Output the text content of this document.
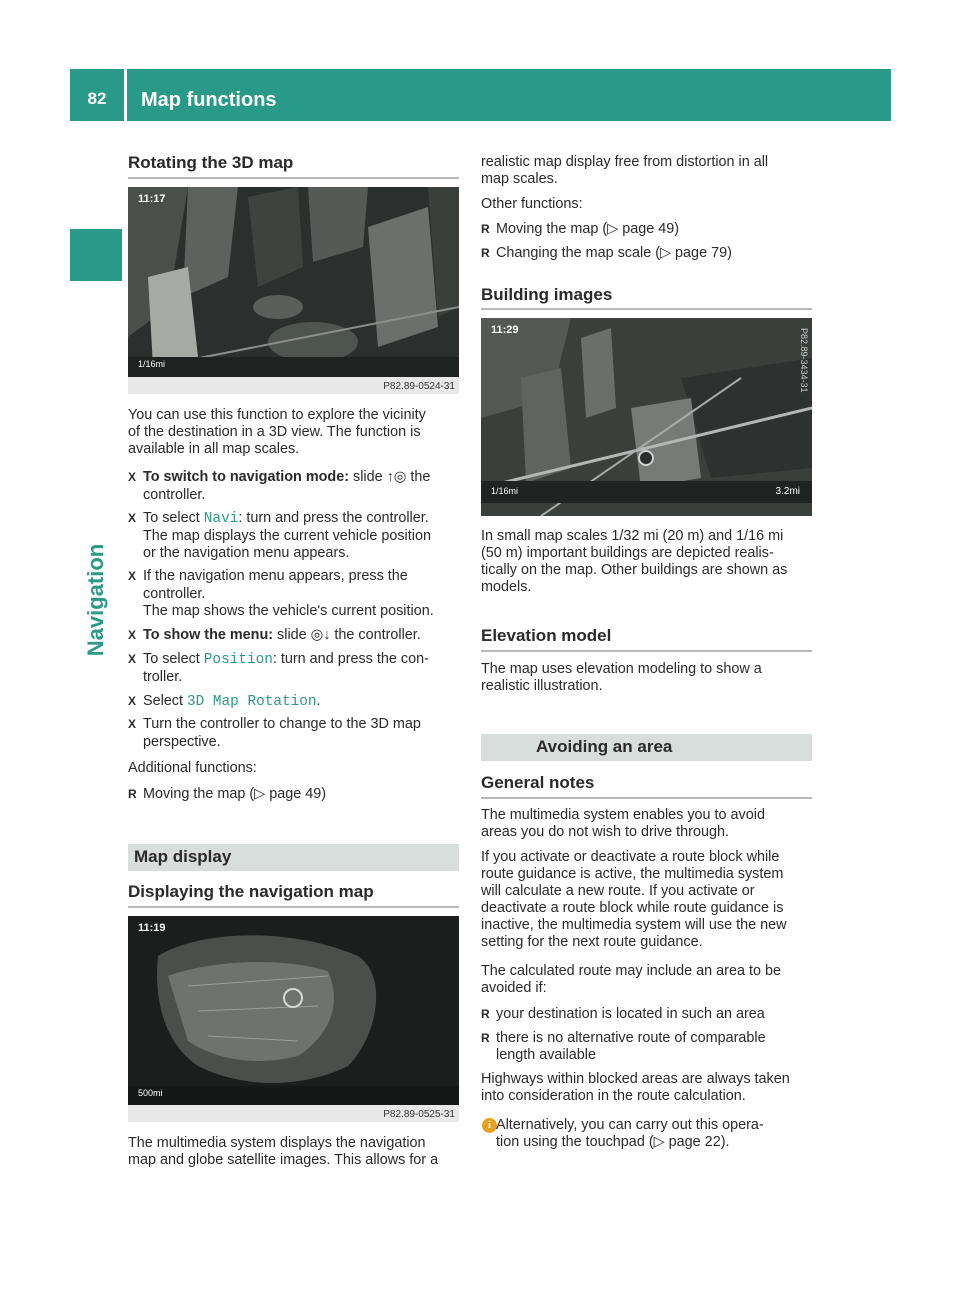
82	Map functions
Navigation
Rotating the 3D map
11:17
1/16mi
P82.89-0524-31
You can use this function to explore the vicinity
of the destination in a 3D view. The function is
available in all map scales.
X To switch to navigation mode: slide ↑◎ the
controller.
X To select Navi: turn and press the controller.
The map displays the current vehicle position
or the navigation menu appears.
X If the navigation menu appears, press the
controller.
The map shows the vehicle's current position.
X To show the menu: slide ◎↓ the controller.
X To select Position: turn and press the con-
troller.
X Select 3D Map Rotation.
X Turn the controller to change to the 3D map
perspective.
Additional functions:
R Moving the map (▷ page 49)
Map display
Displaying the navigation map
11:19
500mi
P82.89-0525-31
The multimedia system displays the navigation
map and globe satellite images. This allows for a
realistic map display free from distortion in all
map scales.
Other functions:
R Moving the map (▷ page 49)
R Changing the map scale (▷ page 79)
Building images
11:29
1/16mi	3.2mi
P82.89-3434-31
In small map scales 1/32 mi (20 m) and 1/16 mi
(50 m) important buildings are depicted realis-
tically on the map. Other buildings are shown as
models.
Elevation model
The map uses elevation modeling to show a
realistic illustration.
Avoiding an area
General notes
The multimedia system enables you to avoid
areas you do not wish to drive through.
If you activate or deactivate a route block while
route guidance is active, the multimedia system
will calculate a new route. If you activate or
deactivate a route block while route guidance is
inactive, the multimedia system will use the new
setting for the next route guidance.
The calculated route may include an area to be
avoided if:
R your destination is located in such an area
R there is no alternative route of comparable
length available
Highways within blocked areas are always taken
into consideration in the route calculation.
i Alternatively, you can carry out this opera-
tion using the touchpad (▷ page 22).
